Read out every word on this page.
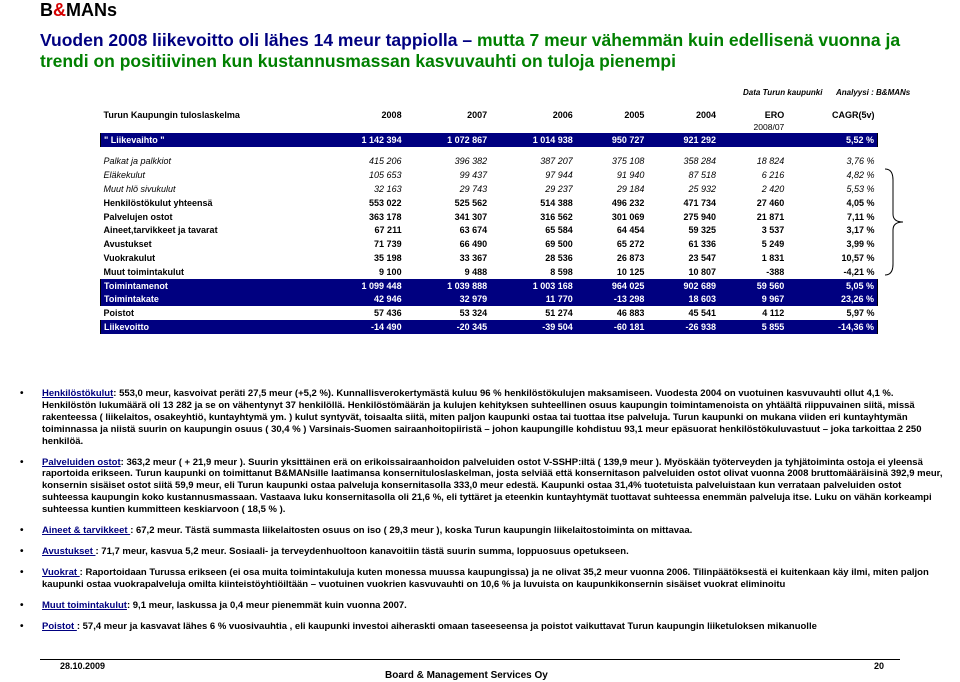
B&MANs
Vuoden 2008 liikevoitto oli lähes 14 meur tappiolla – mutta 7 meur vähemmän kuin edellisenä vuonna ja trendi on positiivinen kun kustannusmassan kasvuvauhti on tuloja pienempi
Data Turun kaupunki Analyysi : B&MANs
Turun Kaupungin tuloslaskelma	2008	2007	2006	2005	2004	ERO	CAGR(5v)
						2008/07	
" Liikevaihto "	1 142 394	1 072 867	1 014 938	950 727	921 292		5,52 %

Palkat ja palkkiot	415 206	396 382	387 207	375 108	358 284	18 824	3,76 %
Eläkekulut	105 653	99 437	97 944	91 940	87 518	6 216	4,82 %
Muut hlö sivukulut	32 163	29 743	29 237	29 184	25 932	2 420	5,53 %
Henkilöstökulut yhteensä	553 022	525 562	514 388	496 232	471 734	27 460	4,05 %
Palvelujen ostot	363 178	341 307	316 562	301 069	275 940	21 871	7,11 %
Aineet,tarvikkeet ja tavarat	67 211	63 674	65 584	64 454	59 325	3 537	3,17 %
Avustukset	71 739	66 490	69 500	65 272	61 336	5 249	3,99 %
Vuokrakulut	35 198	33 367	28 536	26 873	23 547	1 831	10,57 %
Muut toimintakulut	9 100	9 488	8 598	10 125	10 807	-388	-4,21 %
Toimintamenot	1 099 448	1 039 888	1 003 168	964 025	902 689	59 560	5,05 %
Toimintakate	42 946	32 979	11 770	-13 298	18 603	9 967	23,26 %
Poistot	57 436	53 324	51 274	46 883	45 541	4 112	5,97 %
Liikevoitto	-14 490	-20 345	-39 504	-60 181	-26 938	5 855	-14,36 %
• Henkilöstökulut: 553,0 meur, kasvoivat peräti 27,5 meur (+5,2 %). Kunnallisverokertymästä kuluu 96 % henkilöstökulujen maksamiseen. Vuodesta 2004 on vuotuinen kasvuvauhti ollut 4,1 %. Henkilöstön lukumäärä oli 13 282 ja se on vähentynyt 37 henkilöllä. Henkilöstömäärän ja kulujen kehityksen suhteellinen osuus kaupungin toimintamenoista on yhtäältä riippuvainen siitä, missä rakenteessa ( liikelaitos, osakeyhtiö, kuntayhtymä ym. ) kulut syntyvät, toisaalta siitä, miten paljon kaupunki ostaa tai tuottaa itse palveluja. Turun kaupunki on mukana viiden eri kuntayhtymän toiminnassa ja niistä suurin on kaupungin osuus ( 30,4 % ) Varsinais-Suomen sairaanhoitopiiristä – johon kaupungille kohdistuu 93,1 meur epäsuorat henkilöstökuluvastuut – joka tarkoittaa 2 250 henkilöä.
• Palveluiden ostot: 363,2 meur ( + 21,9 meur ). Suurin yksittäinen erä on erikoissairaanhoidon palveluiden ostot V-SSHP:iltä ( 139,9 meur ). Myöskään työterveyden ja tyhjätoiminta ostoja ei yleensä raportoida erikseen. Turun kaupunki on toimittanut B&MANsille laatimansa konsernituloslaskelman, josta selviää että konsernitason palveluiden ostot olivat vuonna 2008 bruttomääräisinä 392,9 meur, konsernin sisäiset ostot siitä 59,9 meur, eli Turun kaupunki ostaa palveluja konsernitasolla 333,0 meur edestä. Kaupunki ostaa 31,4% tuotetuista palveluistaan kun verrataan palveluiden ostot suhteessa kaupungin koko kustannusmassaan. Vastaava luku konsernitasolla oli 21,6 %, eli tyttäret ja eteenkin kuntayhtymät tuottavat suhteessa enemmän palveluja itse. Luku on vähän korkeampi suhteessa kuntien kummitteen keskiarvoon ( 18,5 % ).
• Aineet & tarvikkeet : 67,2 meur. Tästä summasta liikelaitosten osuus on iso ( 29,3 meur ), koska Turun kaupungin liikelaitostoiminta on mittavaa.
• Avustukset : 71,7 meur, kasvua 5,2 meur. Sosiaali- ja terveydenhuoltoon kanavoitiin tästä suurin summa, loppuosuus opetukseen.
• Vuokrat : Raportoidaan Turussa erikseen (ei osa muita toimintakuluja kuten monessa muussa kaupungissa) ja ne olivat 35,2 meur vuonna 2006. Tilinpäätöksestä ei kuitenkaan käy ilmi, miten paljon kaupunki ostaa vuokrapalveluja omilta kiinteistöyhtiöiltään – vuotuinen vuokrien kasvuvauhti on 10,6 % ja luvuista on kaupunkikonsernin sisäiset vuokrat eliminoitu
• Muut toimintakulut: 9,1 meur, laskussa ja 0,4 meur pienemmät kuin vuonna 2007.
• Poistot : 57,4 meur ja kasvavat lähes 6 % vuosivauhtia , eli kaupunki investoi aiheraskti omaan taseeseensa ja poistot vaikuttavat Turun kaupungin liiketuloksen mikanuolle
28.10.2009
Board & Management Services Oy
20
